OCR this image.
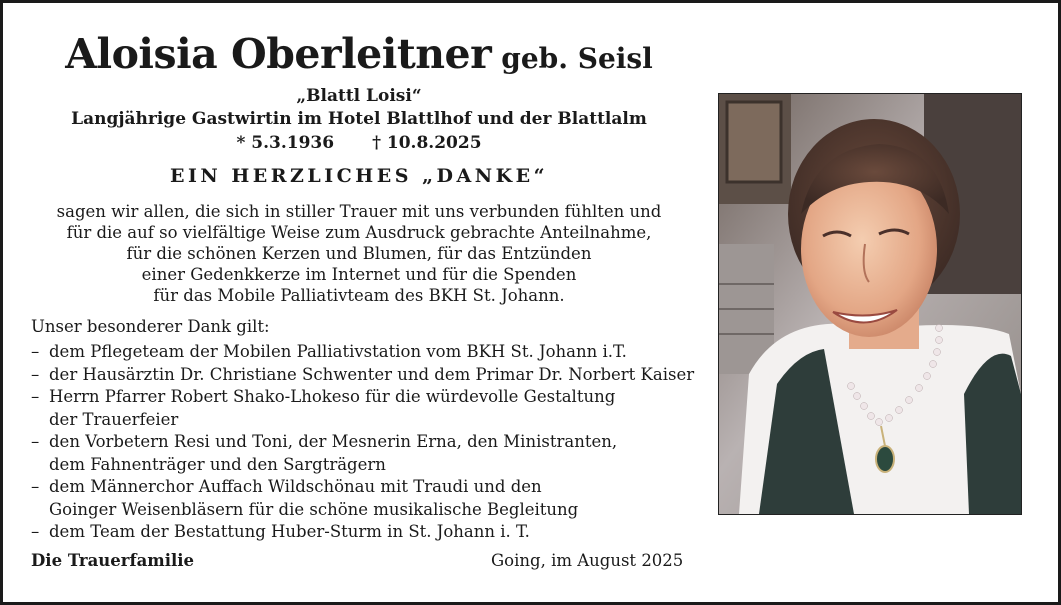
Aloisia Oberleitner geb. Seisl
„Blattl Loisi“
Langjährige Gastwirtin im Hotel Blattlhof und der Blattlalm
* 5.3.1936 † 10.8.2025
EIN HERZLICHES „DANKE“
sagen wir allen, die sich in stiller Trauer mit uns verbunden fühlten und
für die auf so vielfältige Weise zum Ausdruck gebrachte Anteilnahme,
für die schönen Kerzen und Blumen, für das Entzünden
einer Gedenkkerze im Internet und für die Spenden
für das Mobile Palliativteam des BKH St. Johann.
Unser besonderer Dank gilt:
– dem Pflegeteam der Mobilen Palliativstation vom BKH St. Johann i.T.
– der Hausärztin Dr. Christiane Schwenter und dem Primar Dr. Norbert Kaiser
– Herrn Pfarrer Robert Shako-Lhokeso für die würdevolle Gestaltung
der Trauerfeier
– den Vorbetern Resi und Toni, der Mesnerin Erna, den Ministranten,
dem Fahnenträger und den Sargträgern
– dem Männerchor Auffach Wildschönau mit Traudi und den
Goinger Weisenbläsern für die schöne musikalische Begleitung
– dem Team der Bestattung Huber-Sturm in St. Johann i. T.
Die Trauerfamilie	Going, im August 2025
